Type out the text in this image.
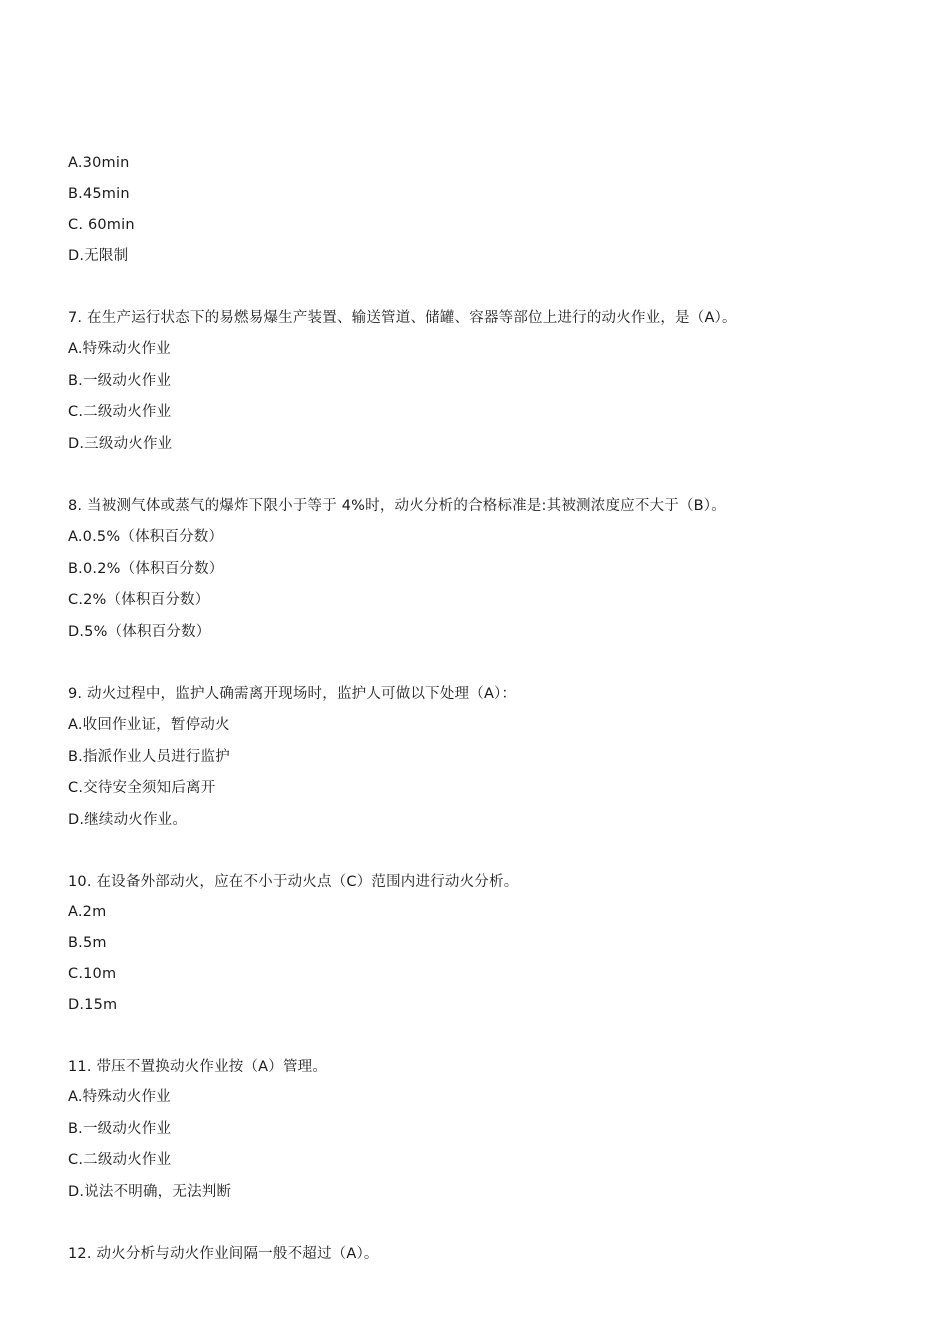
A.30min
B.45min
C. 60min
D.无限制
7. 在生产运行状态下的易燃易爆生产装置、输送管道、储罐、容器等部位上进行的动火作业，是（A）。
A.特殊动火作业
B.一级动火作业
C.二级动火作业
D.三级动火作业
8. 当被测气体或蒸气的爆炸下限小于等于 4%时，动火分析的合格标准是:其被测浓度应不大于（B）。
A.0.5%（体积百分数）
B.0.2%（体积百分数）
C.2%（体积百分数）
D.5%（体积百分数）
9. 动火过程中，监护人确需离开现场时，监护人可做以下处理（A）：
A.收回作业证，暂停动火
B.指派作业人员进行监护
C.交待安全须知后离开
D.继续动火作业。
10. 在设备外部动火，应在不小于动火点（C）范围内进行动火分析。
A.2m
B.5m
C.10m
D.15m
11. 带压不置换动火作业按（A）管理。
A.特殊动火作业
B.一级动火作业
C.二级动火作业
D.说法不明确，无法判断
12. 动火分析与动火作业间隔一般不超过（A）。
